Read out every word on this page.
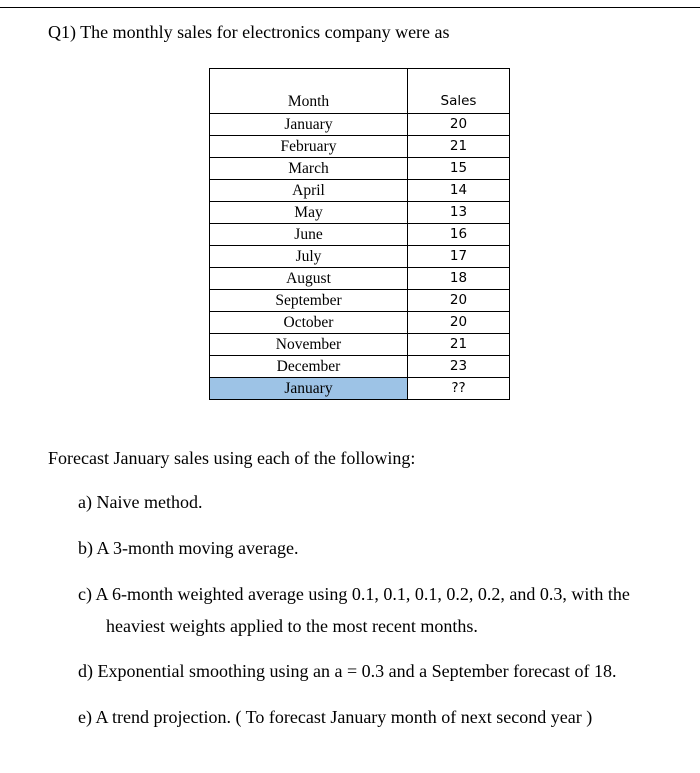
Q1) The monthly sales for electronics company were as
Month	Sales
January	20
February	21
March	15
April	14
May	13
June	16
July	17
August	18
September	20
October	20
November	21
December	23
January	??
Forecast January sales using each of the following:
a) Naive method.
b) A 3-month moving average.
c) A 6-month weighted average using 0.1, 0.1, 0.1, 0.2, 0.2, and 0.3, with the
heaviest weights applied to the most recent months.
d) Exponential smoothing using an a = 0.3 and a September forecast of 18.
e) A trend projection. ( To forecast January month of next second year )
